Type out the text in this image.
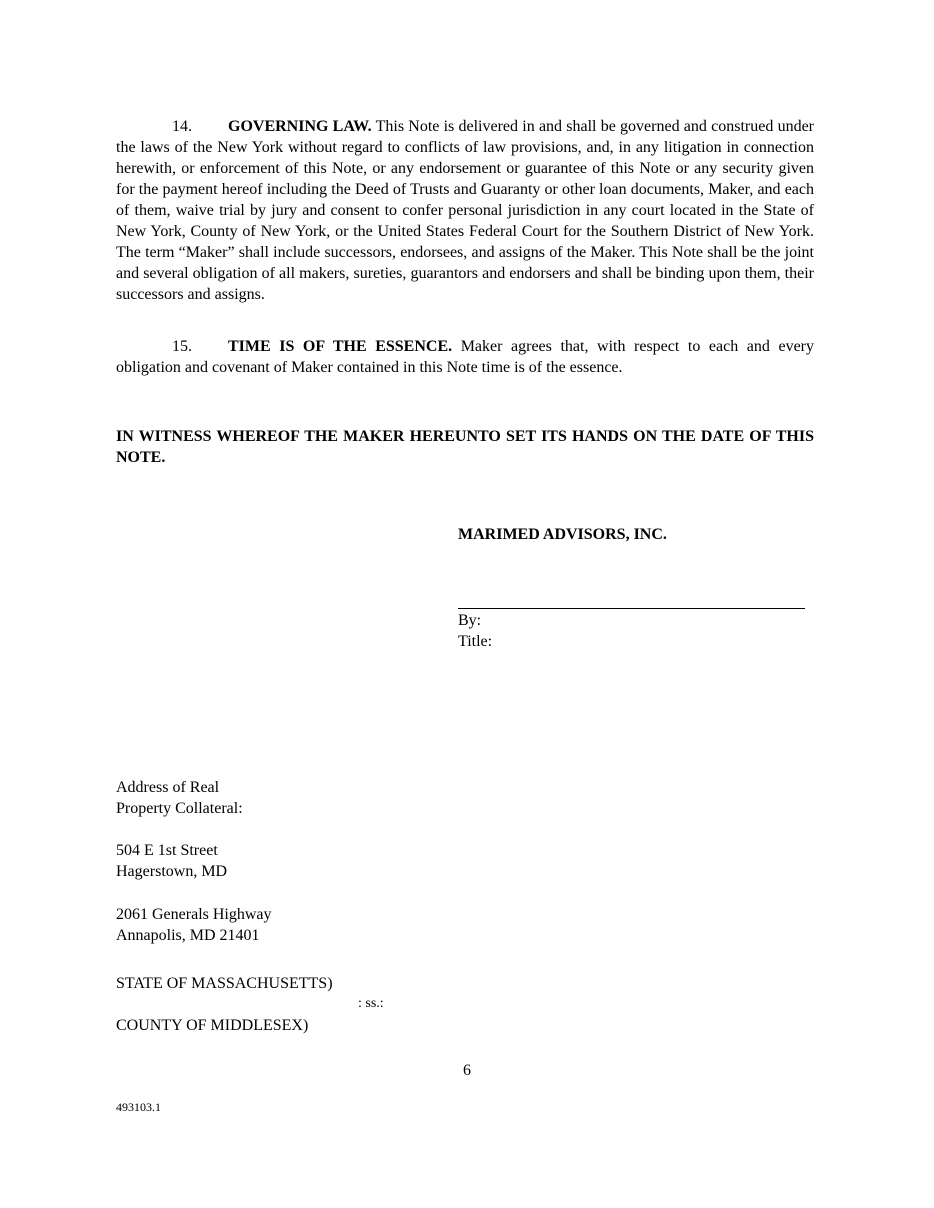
14. GOVERNING LAW. This Note is delivered in and shall be governed and construed under the laws of the New York without regard to conflicts of law provisions, and, in any litigation in connection herewith, or enforcement of this Note, or any endorsement or guarantee of this Note or any security given for the payment hereof including the Deed of Trusts and Guaranty or other loan documents, Maker, and each of them, waive trial by jury and consent to confer personal jurisdiction in any court located in the State of New York, County of New York, or the United States Federal Court for the Southern District of New York. The term “Maker” shall include successors, endorsees, and assigns of the Maker. This Note shall be the joint and several obligation of all makers, sureties, guarantors and endorsers and shall be binding upon them, their successors and assigns.

15. TIME IS OF THE ESSENCE. Maker agrees that, with respect to each and every obligation and covenant of Maker contained in this Note time is of the essence.

IN WITNESS WHEREOF THE MAKER HEREUNTO SET ITS HANDS ON THE DATE OF THIS NOTE.

MARIMED ADVISORS, INC.

By:

Title:

Address of Real

Property Collateral:

504 E 1st Street

Hagerstown, MD

2061 Generals Highway

Annapolis, MD 21401

STATE OF MASSACHUSETTS)

: ss.:

COUNTY OF MIDDLESEX)

6

493103.1
